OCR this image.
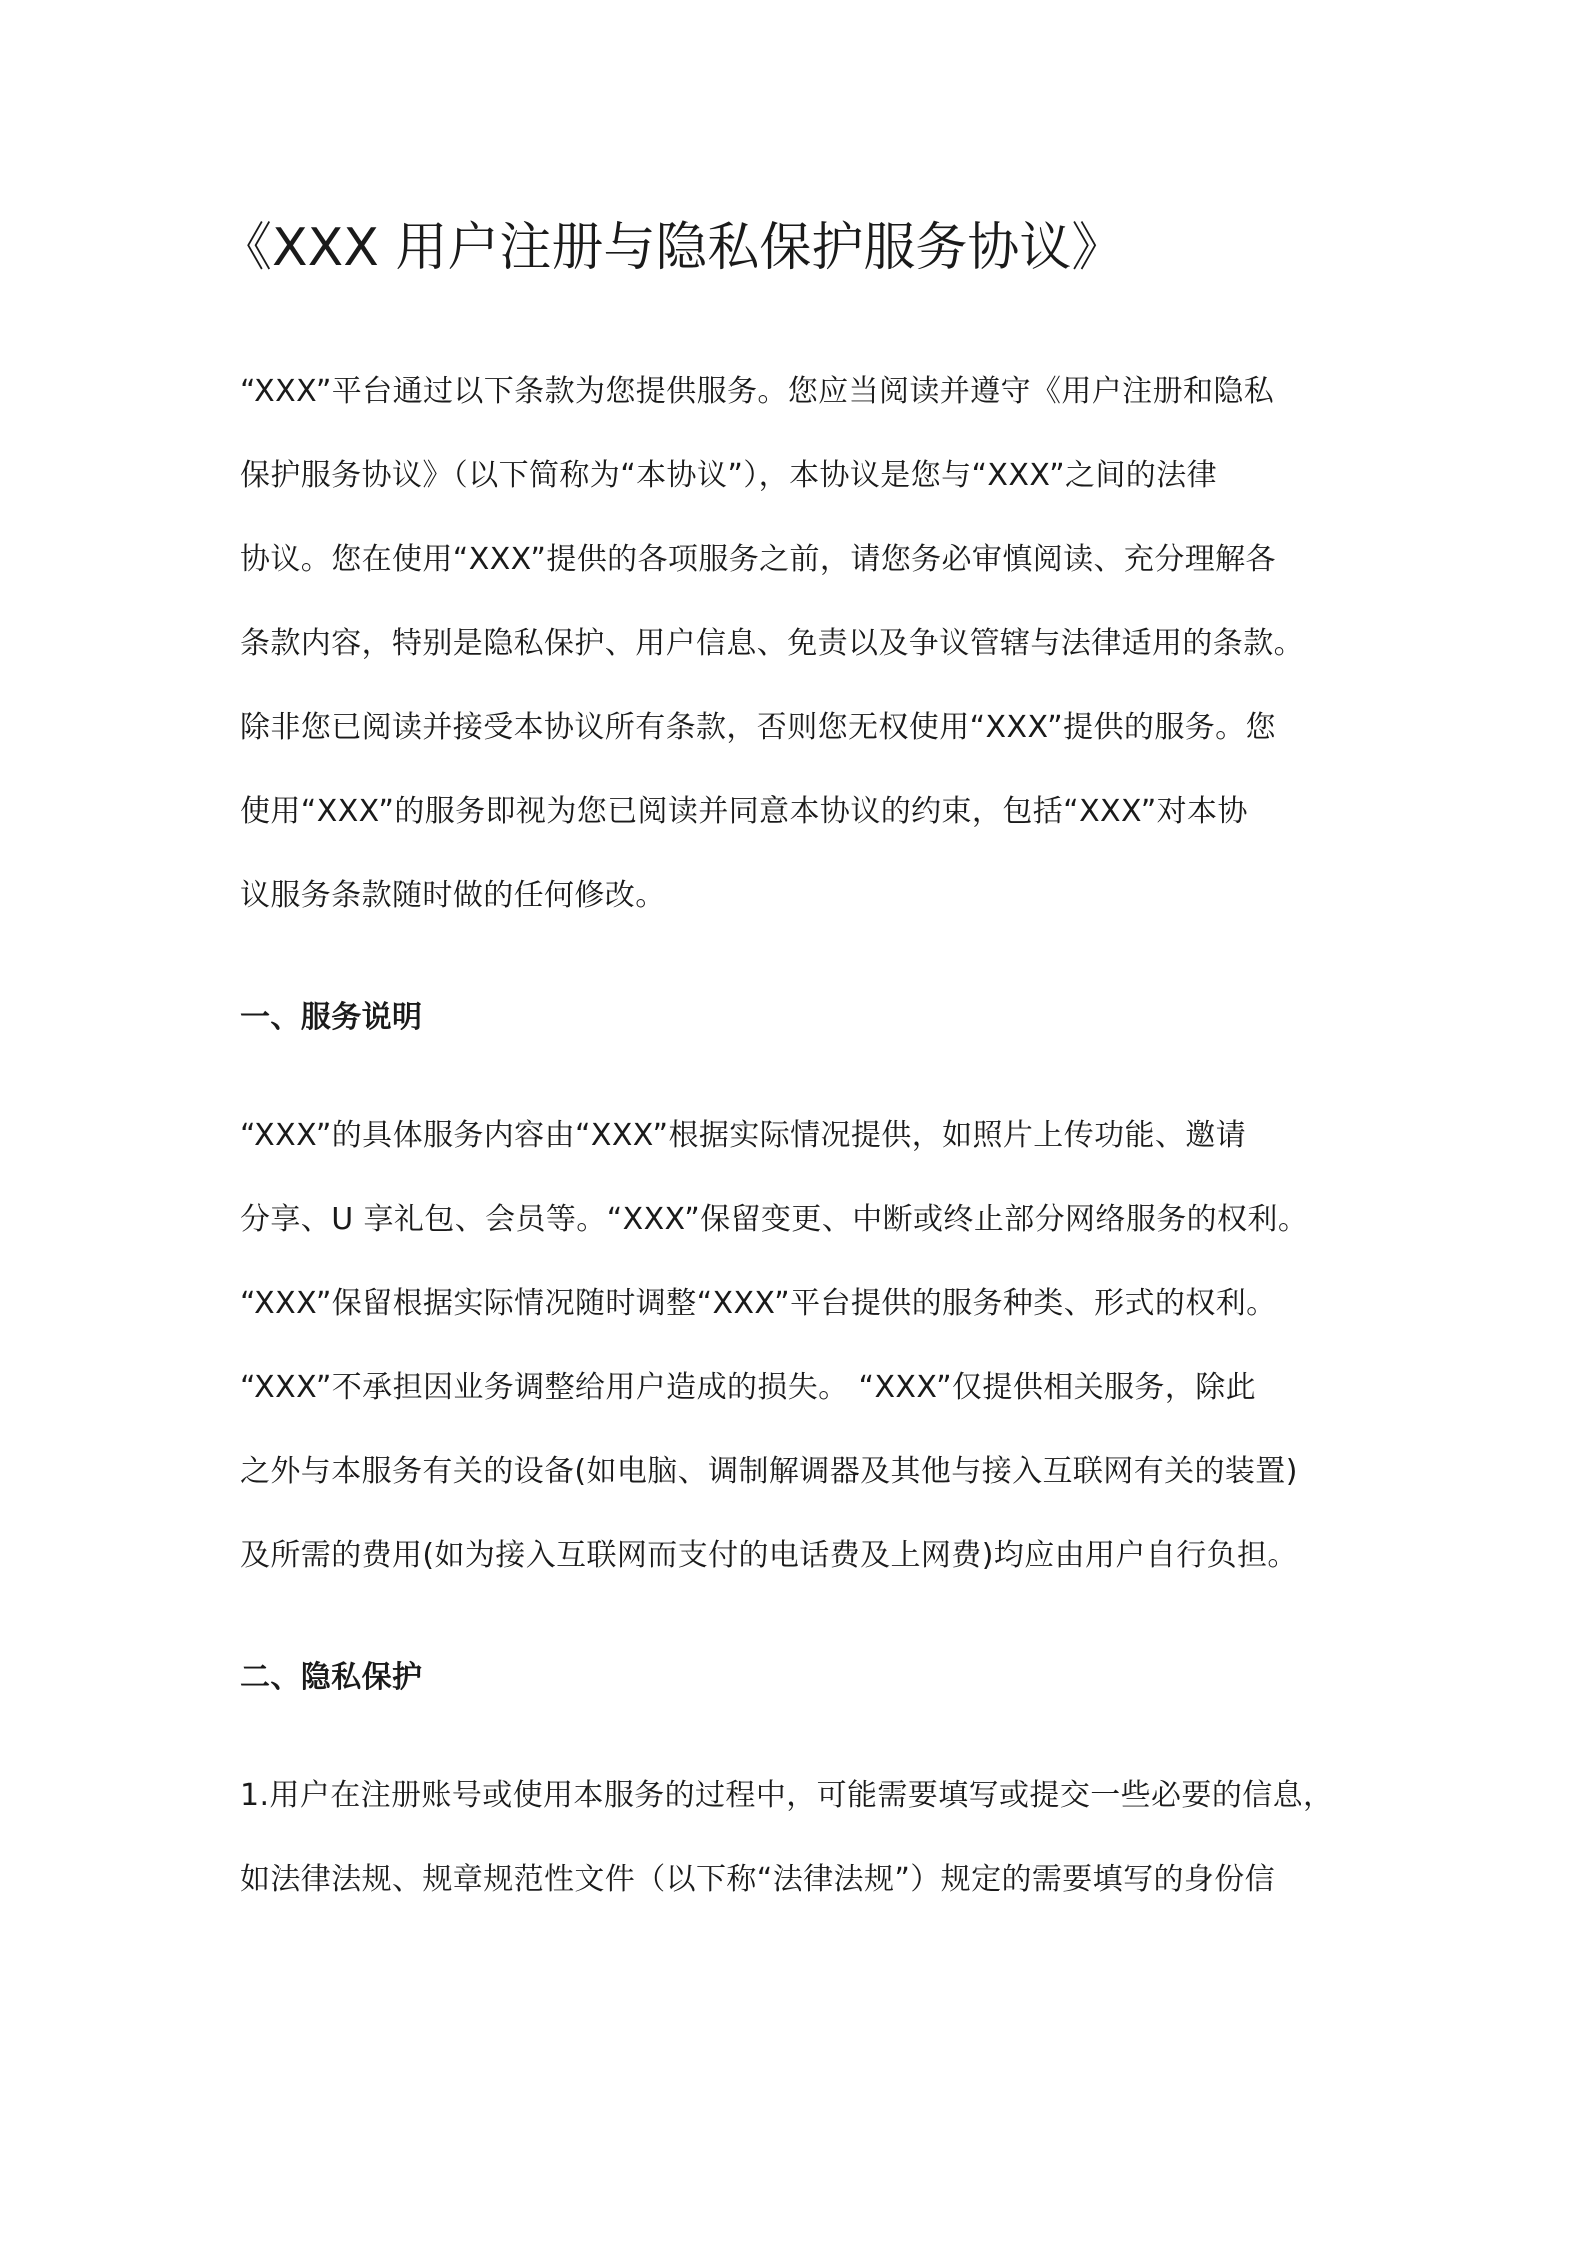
《XXX 用户注册与隐私保护服务协议》

“XXX”平台通过以下条款为您提供服务。您应当阅读并遵守《用户注册和隐私

保护服务协议》（以下简称为“本协议”），本协议是您与“XXX”之间的法律

协议。您在使用“XXX”提供的各项服务之前，请您务必审慎阅读、充分理解各

条款内容，特别是隐私保护、用户信息、免责以及争议管辖与法律适用的条款。

除非您已阅读并接受本协议所有条款，否则您无权使用“XXX”提供的服务。您

使用“XXX”的服务即视为您已阅读并同意本协议的约束，包括“XXX”对本协

议服务条款随时做的任何修改。

一、服务说明

“XXX”的具体服务内容由“XXX”根据实际情况提供，如照片上传功能、邀请

分享、U 享礼包、会员等。“XXX”保留变更、中断或终止部分网络服务的权利。

“XXX”保留根据实际情况随时调整“XXX”平台提供的服务种类、形式的权利。

“XXX”不承担因业务调整给用户造成的损失。 “XXX”仅提供相关服务，除此

之外与本服务有关的设备(如电脑、调制解调器及其他与接入互联网有关的装置)

及所需的费用(如为接入互联网而支付的电话费及上网费)均应由用户自行负担。

二、隐私保护

1.用户在注册账号或使用本服务的过程中，可能需要填写或提交一些必要的信息，

如法律法规、规章规范性文件（以下称“法律法规”）规定的需要填写的身份信
